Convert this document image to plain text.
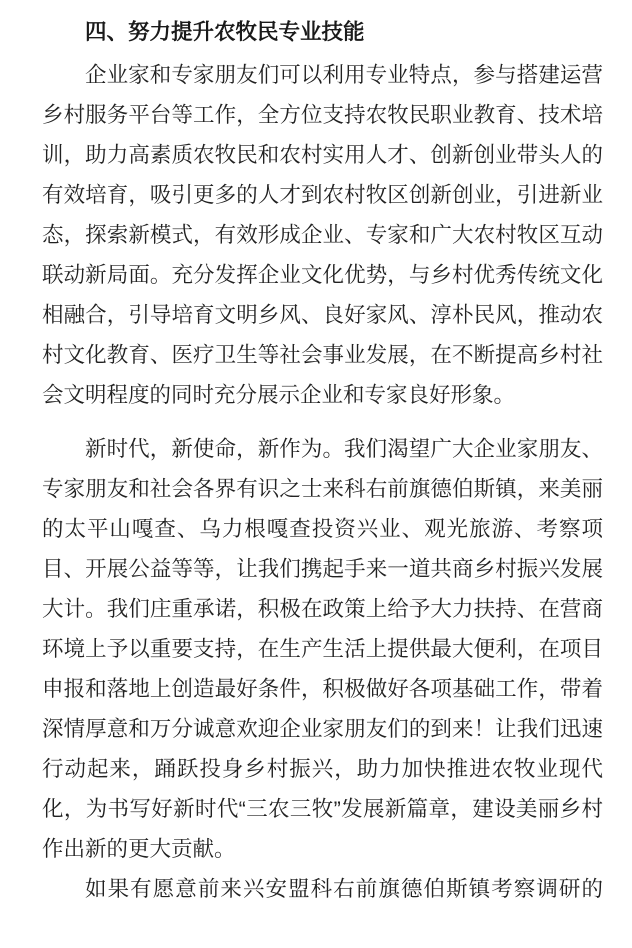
四、努力提升农牧民专业技能

企业家和专家朋友们可以利用专业特点，参与搭建运营乡村服务平台等工作，全方位支持农牧民职业教育、技术培训，助力高素质农牧民和农村实用人才、创新创业带头人的有效培育，吸引更多的人才到农村牧区创新创业，引进新业态，探索新模式，有效形成企业、专家和广大农村牧区互动联动新局面。充分发挥企业文化优势，与乡村优秀传统文化相融合，引导培育文明乡风、良好家风、淳朴民风，推动农村文化教育、医疗卫生等社会事业发展，在不断提高乡村社会文明程度的同时充分展示企业和专家良好形象。

新时代，新使命，新作为。我们渴望广大企业家朋友、专家朋友和社会各界有识之士来科右前旗德伯斯镇，来美丽的太平山嘎查、乌力根嘎查投资兴业、观光旅游、考察项目、开展公益等等，让我们携起手来一道共商乡村振兴发展大计。我们庄重承诺，积极在政策上给予大力扶持、在营商环境上予以重要支持，在生产生活上提供最大便利，在项目申报和落地上创造最好条件，积极做好各项基础工作，带着深情厚意和万分诚意欢迎企业家朋友们的到来！让我们迅速行动起来，踊跃投身乡村振兴，助力加快推进农牧业现代化，为书写好新时代“三农三牧”发展新篇章，建设美丽乡村作出新的更大贡献。

如果有愿意前来兴安盟科右前旗德伯斯镇考察调研的
